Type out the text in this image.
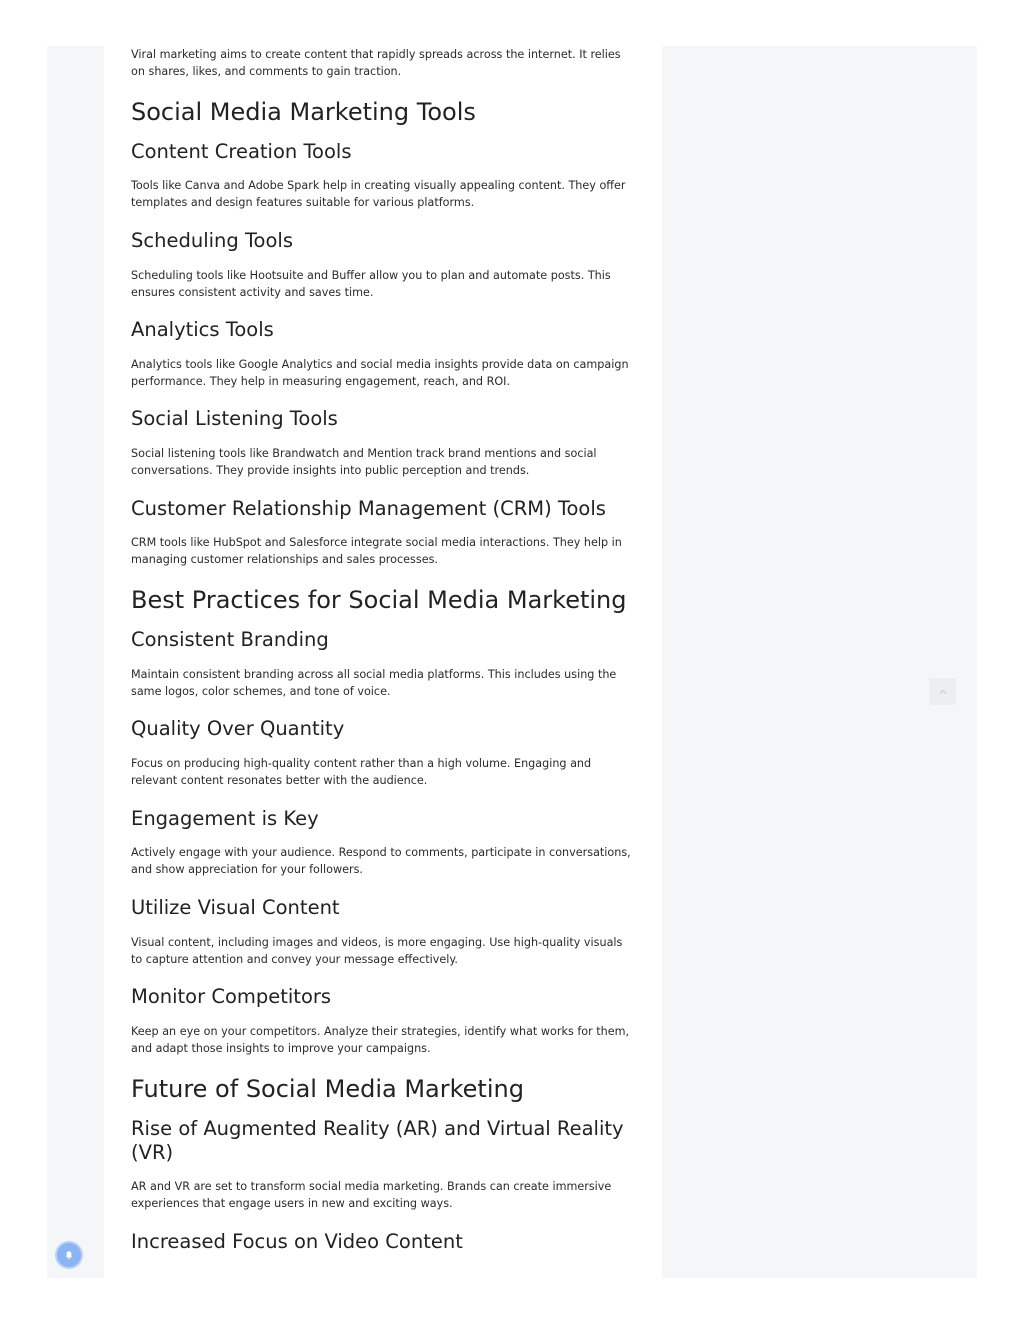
Viral marketing aims to create content that rapidly spreads across the internet. It relies on shares, likes, and comments to gain traction.

Social Media Marketing Tools
Content Creation Tools

Tools like Canva and Adobe Spark help in creating visually appealing content. They offer templates and design features suitable for various platforms.

Scheduling Tools

Scheduling tools like Hootsuite and Buffer allow you to plan and automate posts. This ensures consistent activity and saves time.

Analytics Tools

Analytics tools like Google Analytics and social media insights provide data on campaign performance. They help in measuring engagement, reach, and ROI.

Social Listening Tools

Social listening tools like Brandwatch and Mention track brand mentions and social conversations. They provide insights into public perception and trends.

Customer Relationship Management (CRM) Tools

CRM tools like HubSpot and Salesforce integrate social media interactions. They help in managing customer relationships and sales processes.

Best Practices for Social Media Marketing
Consistent Branding

Maintain consistent branding across all social media platforms. This includes using the same logos, color schemes, and tone of voice.

Quality Over Quantity

Focus on producing high-quality content rather than a high volume. Engaging and relevant content resonates better with the audience.

Engagement is Key

Actively engage with your audience. Respond to comments, participate in conversations, and show appreciation for your followers.

Utilize Visual Content

Visual content, including images and videos, is more engaging. Use high-quality visuals to capture attention and convey your message effectively.

Monitor Competitors

Keep an eye on your competitors. Analyze their strategies, identify what works for them, and adapt those insights to improve your campaigns.

Future of Social Media Marketing
Rise of Augmented Reality (AR) and Virtual Reality (VR)

AR and VR are set to transform social media marketing. Brands can create immersive experiences that engage users in new and exciting ways.

Increased Focus on Video Content
